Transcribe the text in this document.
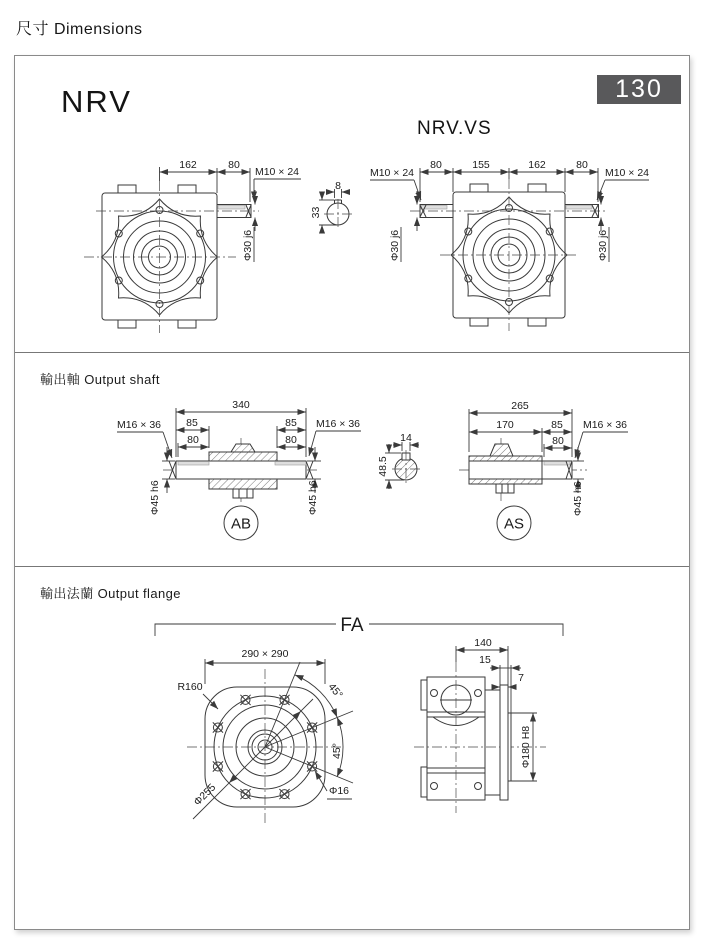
尺寸 Dimensions
NRV	130
NRV.VS
輸出軸 Output shaft
輸出法蘭 Output flange
162	80
M10 × 24
Φ30 j6
8
33
80	155	162	80
M10 × 24	M10 × 24
Φ30 j6	Φ30 j6
340
85	85
80	80
M16 × 36	M16 × 36
Φ45 h6	Φ45 h6
AB
14
48.5
265
170	85
80
M16 × 36
Φ45 h6
AS
FA
45°
45°
290 × 290
R160
Φ255	Φ16
140
15
7
Φ180 H8
